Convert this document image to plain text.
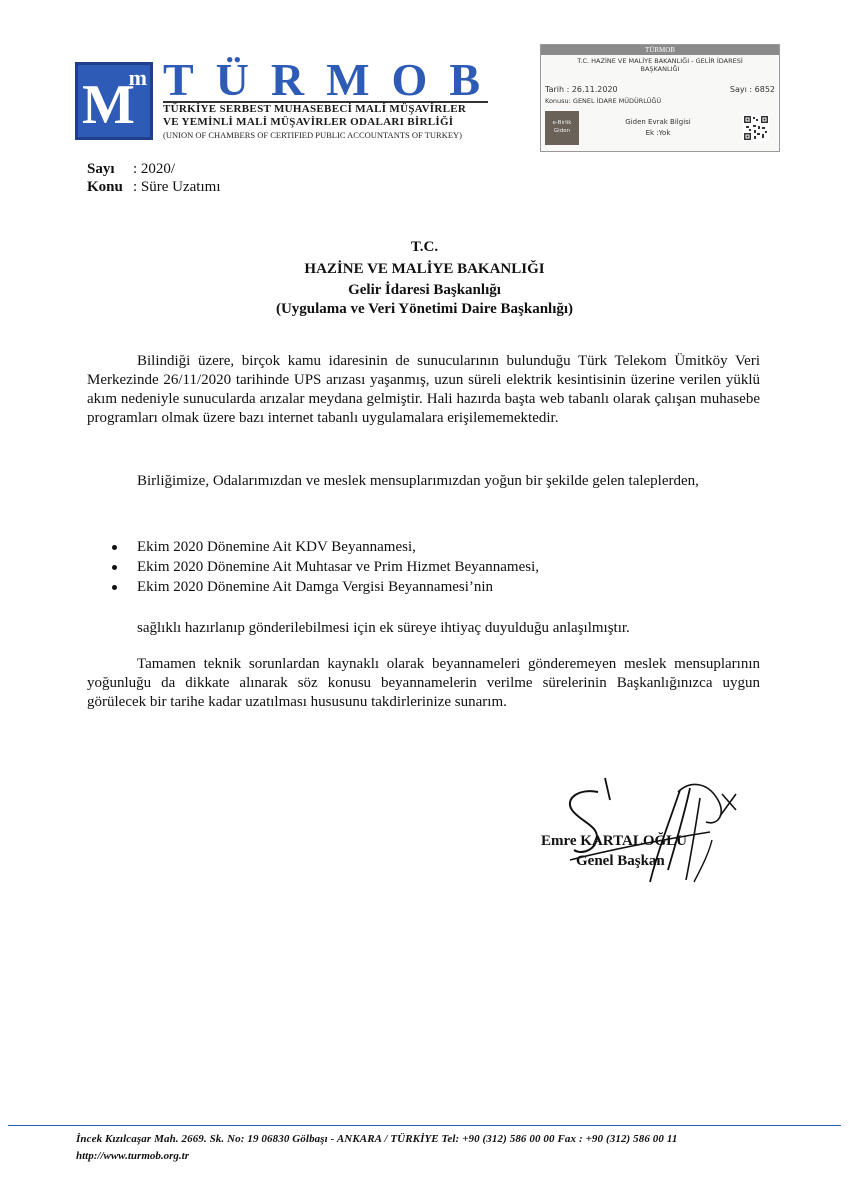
M
m TÜRMOB
TÜRKİYE SERBEST MUHASEBECİ MALİ MÜŞAVİRLER
VE YEMİNLİ MALİ MÜŞAVİRLER ODALARI BİRLİĞİ
(UNION OF CHAMBERS OF CERTIFIED PUBLIC ACCOUNTANTS OF TURKEY)
TÜRMOB
T.C. HAZİNE VE MALİYE BAKANLIĞI - GELİR İDARESİ BAŞKANLIĞI
Tarih : 26.11.2020	Sayı : 6852
Konusu: GENEL İDARE MÜDÜRLÜĞÜ
e-Birlik
Giden
Giden Evrak Bilgisi
Ek :Yok
Sayı : 2020/
Konu : Süre Uzatımı
T.C.
HAZİNE VE MALİYE BAKANLIĞI
Gelir İdaresi Başkanlığı
(Uygulama ve Veri Yönetimi Daire Başkanlığı)

Bilindiği üzere, birçok kamu idaresinin de sunucularının bulunduğu Türk Telekom Ümitköy Veri Merkezinde 26/11/2020 tarihinde UPS arızası yaşanmış, uzun süreli elektrik kesintisinin üzerine verilen yüklü akım nedeniyle sunucularda arızalar meydana gelmiştir. Hali hazırda başta web tabanlı olarak çalışan muhasebe programları olmak üzere bazı internet tabanlı uygulamalara erişilememektedir.

Birliğimize, Odalarımızdan ve meslek mensuplarımızdan yoğun bir şekilde gelen taleplerden,

Ekim 2020 Dönemine Ait KDV Beyannamesi,
Ekim 2020 Dönemine Ait Muhtasar ve Prim Hizmet Beyannamesi,
Ekim 2020 Dönemine Ait Damga Vergisi Beyannamesi’nin

sağlıklı hazırlanıp gönderilebilmesi için ek süreye ihtiyaç duyulduğu anlaşılmıştır.

Tamamen teknik sorunlardan kaynaklı olarak beyannameleri gönderemeyen meslek mensuplarının yoğunluğu da dikkate alınarak söz konusu beyannamelerin verilme sürelerinin Başkanlığınızca uygun görülecek bir tarihe kadar uzatılması hususunu takdirlerinize sunarım.

Emre KARTALOĞLU
Genel Başkan
İncek Kızılcaşar Mah. 2669. Sk. No: 19 06830 Gölbaşı - ANKARA / TÜRKİYE Tel: +90 (312) 586 00 00 Fax : +90 (312) 586 00 11
http://www.turmob.org.tr
